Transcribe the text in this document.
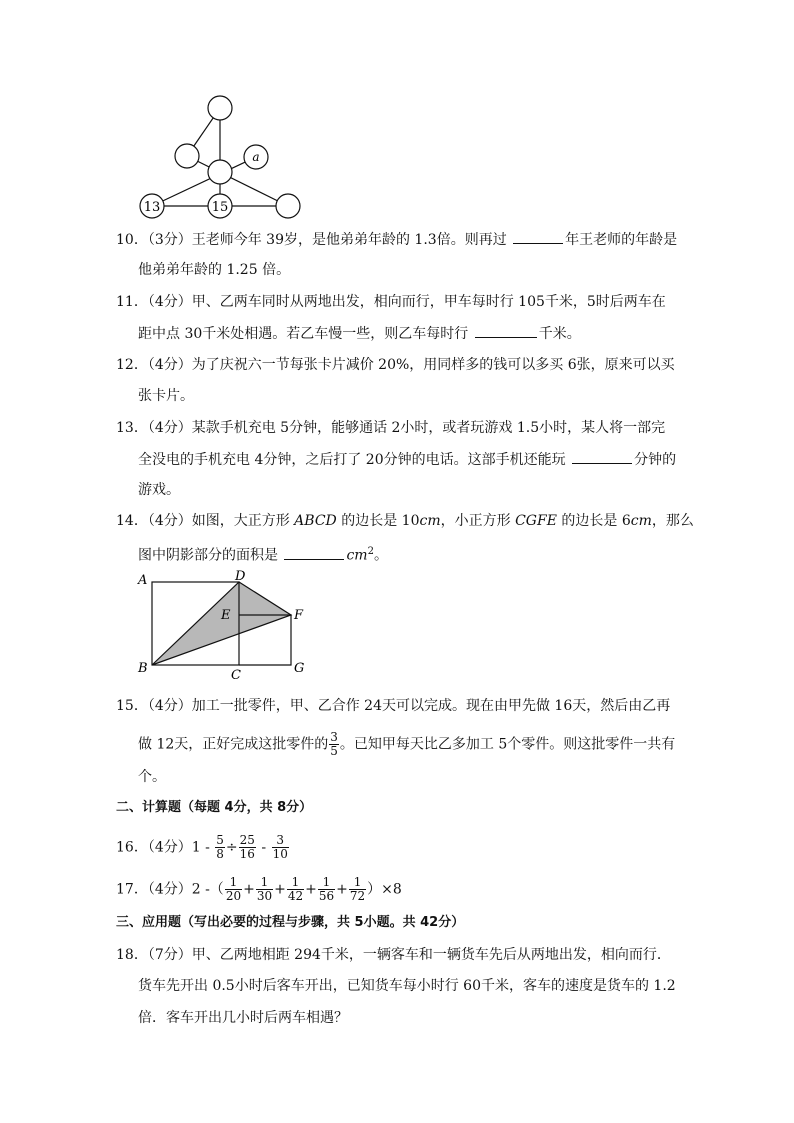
a
13	15
10．（3分）王老师今年 39岁，是他弟弟年龄的 1.3倍。则再过	年王老师的年龄是
他弟弟年龄的 1.25 倍。
11．（4分）甲、乙两车同时从两地出发，相向而行，甲车每时行 105千米，5时后两车在
距中点 30千米处相遇。若乙车慢一些，则乙车每时行	千米。
12．（4分）为了庆祝六一节每张卡片减价 20%，用同样多的钱可以多买 6张，原来可以买
张卡片。
13．（4分）某款手机充电 5分钟，能够通话 2小时，或者玩游戏 1.5小时，某人将一部完
全没电的手机充电 4分钟，之后打了 20分钟的电话。这部手机还能玩	分钟的
游戏。
14．（4分）如图，大正方形 ABCD 的边长是 10cm，小正方形 CGFE 的边长是 6cm，那么
图中阴影部分的面积是	$cm^2$。
A	D
E	F
B	C	G
15．（4分）加工一批零件，甲、乙合作 24天可以完成。现在由甲先做 16天，然后由乙再
做 12天，正好完成这批零件的 $\frac{3}{5}$ 。已知甲每天比乙多加工 5个零件。则这批零件一共有
个。
二、计算题（每题 4分，共 8分）
16．（4分）$1 - \frac{5}{8} \div \frac{25}{16} - \frac{3}{10}$
17．（4分）2 -（ $\frac{1}{20} + \frac{1}{30} + \frac{1}{42} + \frac{1}{56} + \frac{1}{72} )\times 8$
三、应用题（写出必要的过程与步骤，共 5小题。共 42分）
18．（7分）甲、乙两地相距 294千米，一辆客车和一辆货车先后从两地出发，相向而行．
货车先开出 0.5小时后客车开出，已知货车每小时行 60千米，客车的速度是货车的 1.2
倍．客车开出几小时后两车相遇？
